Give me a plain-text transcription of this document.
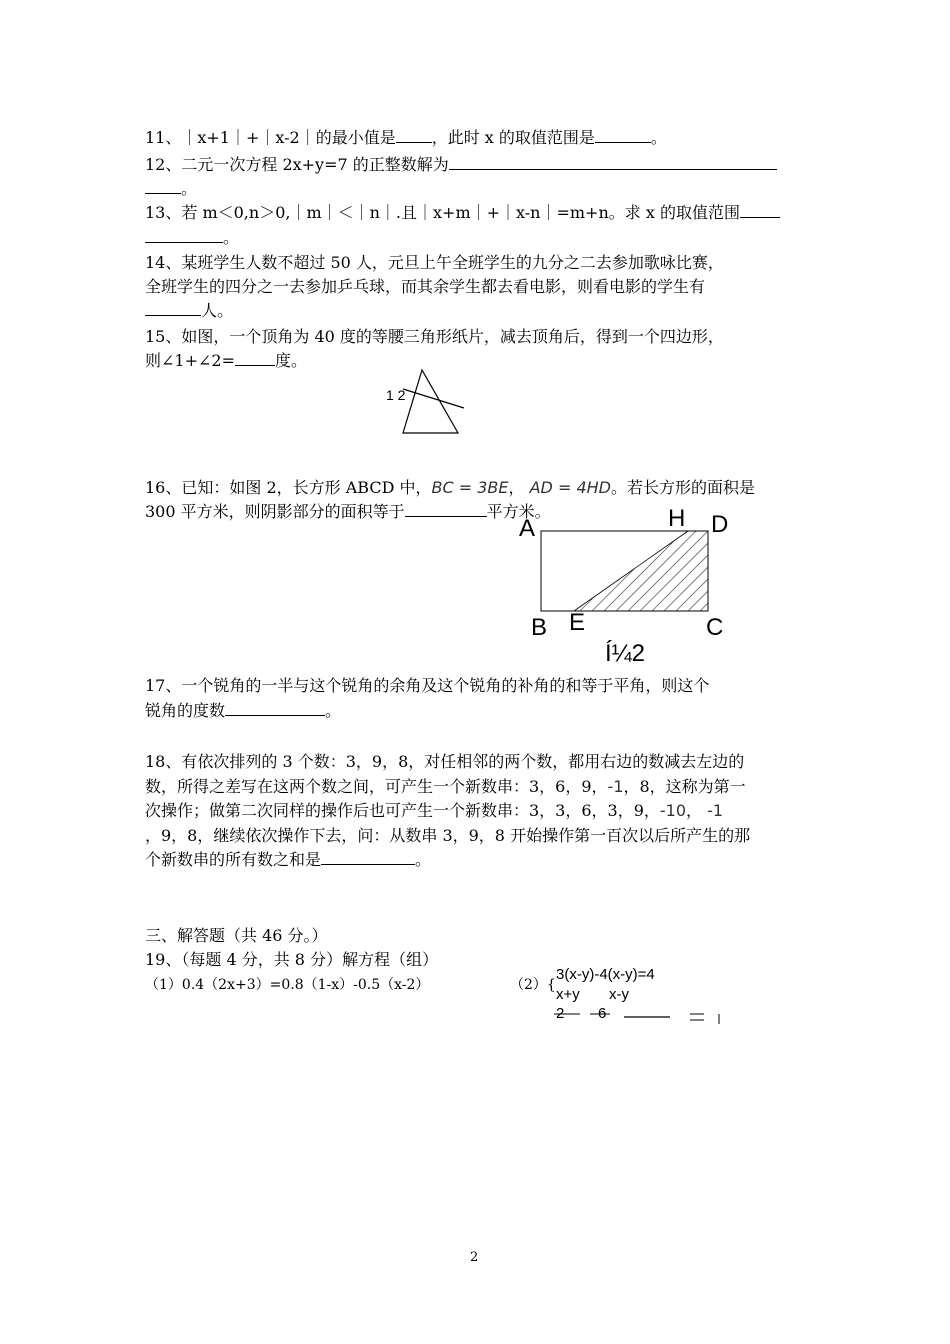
11、｜x+1｜+｜x-2｜的最小值是 ，此时 x 的取值范围是	。
12、二元一次方程 2x+y=7 的正整数解为
。
13、若 m＜0,n＞0,｜m｜＜｜n｜.且｜x+m｜+｜x-n｜=m+n。求 x 的取值范围
。
14、某班学生人数不超过 50 人，元旦上午全班学生的九分之二去参加歌咏比赛，
全班学生的四分之一去参加乒乓球，而其余学生都去看电影，则看电影的学生有
人。
15、如图，一个顶角为 40 度的等腰三角形纸片，减去顶角后，得到一个四边形，
则∠1+∠2=	度。
1 2
16、已知：如图 2，长方形 ABCD 中，BC = 3BE， AD = 4HD。若长方形的面积是
300 平方米，则阴影部分的面积等于	平方米。
A	H D
B E	C
Í¼2
17、一个锐角的一半与这个锐角的余角及这个锐角的补角的和等于平角，则这个
锐角的度数	。
18、有依次排列的 3 个数：3，9，8，对任相邻的两个数，都用右边的数减去左边的
数，所得之差写在这两个数之间，可产生一个新数串：3，6，9，-1，8，这称为第一
次操作；做第二次同样的操作后也可产生一个新数串：3，3，6，3，9，-10， -1
，9，8，继续依次操作下去，问：从数串 3，9，8 开始操作第一百次以后所产生的那
个新数串的所有数之和是	。
三、解答题（共 46 分。）
19、（每题 4 分，共 8 分）解方程（组）
（1）0.4（2x+3）=0.8（1-x）-0.5（x-2）	（2）{
3(x-y)-4(x-y)=4
x+y x-y
2 6
2
